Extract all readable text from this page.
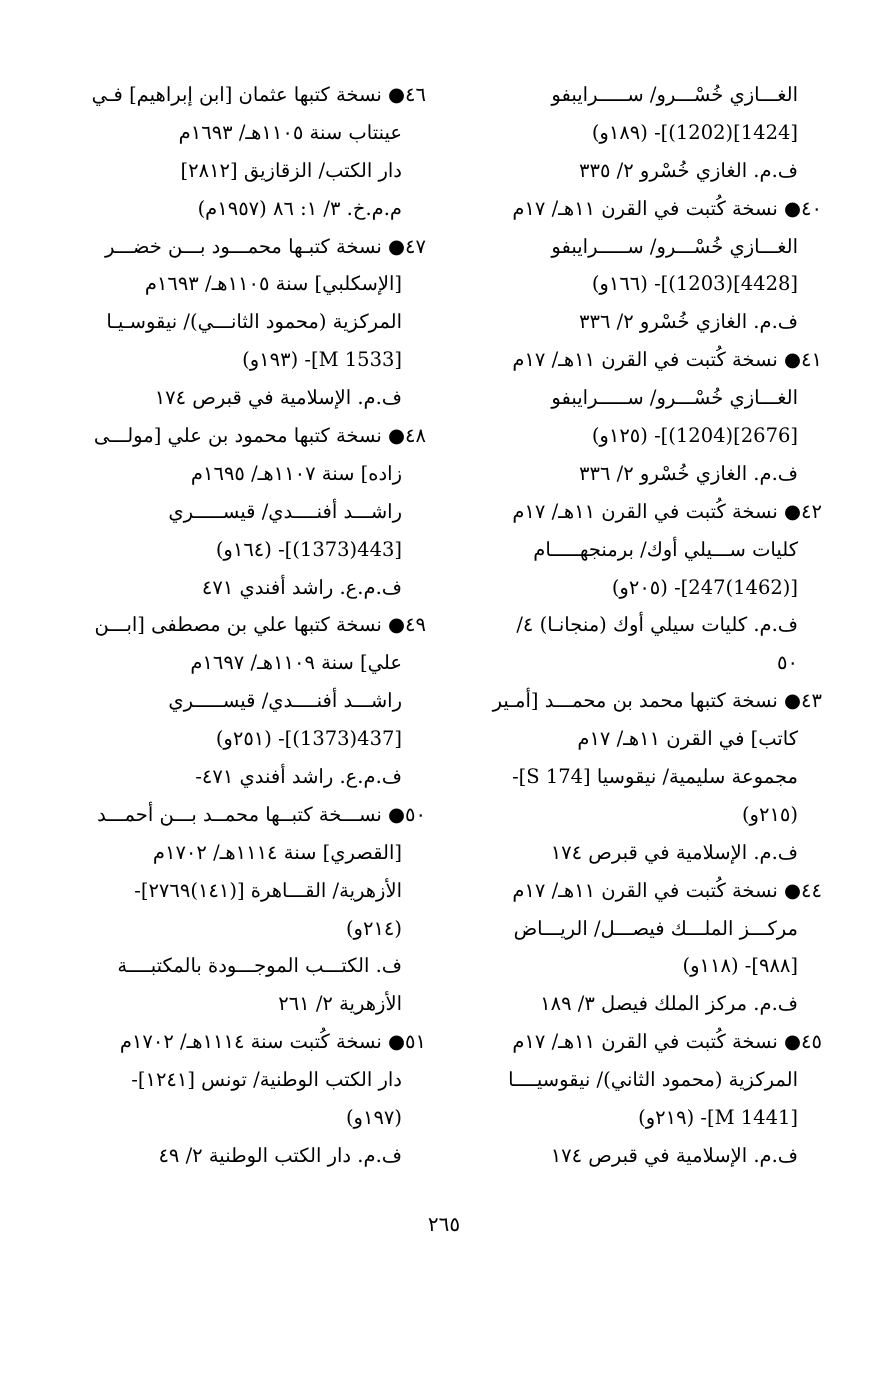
الغـــازي خُسْـــرو/ ســـــرايبفو
[1424](1202)]- (١٨٩و)
ف.م. الغازي خُسْرو ٢/ ٣٣٥
٤٠● نسخة كُتبت في القرن ١١هـ/ ١٧م
الغـــازي خُسْـــرو/ ســـــرايبفو
[4428](1203)]- (١٦٦و)
ف.م. الغازي خُسْرو ٢/ ٣٣٦
٤١● نسخة كُتبت في القرن ١١هـ/ ١٧م
الغـــازي خُسْـــرو/ ســـــرايبفو
[2676](1204)]- (١٢٥و)
ف.م. الغازي خُسْرو ٢/ ٣٣٦
٤٢● نسخة كُتبت في القرن ١١هـ/ ١٧م
كليات ســـيلي أوك/ برمنجهـــــام
[(1462)247]- (٢٠٥و)
ف.م. كليات سيلي أوك (منجانـا) ٤/
٥٠
٤٣● نسخة كتبها محمد بن محمـــد [أمـير
كاتب] في القرن ١١هـ/ ١٧م
مجموعة سليمية/ نيقوسيا [S 174]-
(٢١٥و)
ف.م. الإسلامية في قبرص ١٧٤
٤٤● نسخة كُتبت في القرن ١١هـ/ ١٧م
مركـــز الملـــك فيصـــل/ الريـــاض
[٩٨٨]- (١١٨و)
ف.م. مركز الملك فيصل ٣/ ١٨٩
٤٥● نسخة كُتبت في القرن ١١هـ/ ١٧م
المركزية (محمود الثاني)/ نيقوسيــــا
[M 1441]- (٢١٩و)
ف.م. الإسلامية في قبرص ١٧٤
٤٦● نسخة كتبها عثمان [ابن إبراهيم] فـي
عينتاب سنة ١١٠٥هـ/ ١٦٩٣م
دار الكتب/ الزقازيق [٢٨١٢]
م.م.خ. ٣/ ١: ٨٦ (١٩٥٧م)
٤٧● نسخة كتبـها محمـــود بـــن خضـــر
[الإسكلبي] سنة ١١٠٥هـ/ ١٦٩٣م
المركزية (محمود الثانـــي)/ نيقوسـيـا
[M 1533]- (١٩٣و)
ف.م. الإسلامية في قبرص ١٧٤
٤٨● نسخة كتبها محمود بن علي [مولـــى
زاده] سنة ١١٠٧هـ/ ١٦٩٥م
راشـــد أفنــــدي/ قيســـــري
[443(1373)]- (١٦٤و)
ف.م.ع. راشد أفندي ٤٧١
٤٩● نسخة كتبها علي بن مصطفى [ابـــن
علي] سنة ١١٠٩هـ/ ١٦٩٧م
راشـــد أفنــــدي/ قيســـــري
[437(1373)]- (٢٥١و)
ف.م.ع. راشد أفندي ٤٧١-
٥٠● نســـخة كتبــها محمــد بـــن أحمـــد
[القصري] سنة ١١١٤هـ/ ١٧٠٢م
الأزهرية/ القـــاهرة [(١٤١)٢٧٦٩]-
(٢١٤و)
ف. الكتـــب الموجـــودة بالمكتبــــة
الأزهرية ٢/ ٢٦١
٥١● نسخة كُتبت سنة ١١١٤هـ/ ١٧٠٢م
دار الكتب الوطنية/ تونس [١٢٤١]-
(١٩٧و)
ف.م. دار الكتب الوطنية ٢/ ٤٩
٢٦٥
